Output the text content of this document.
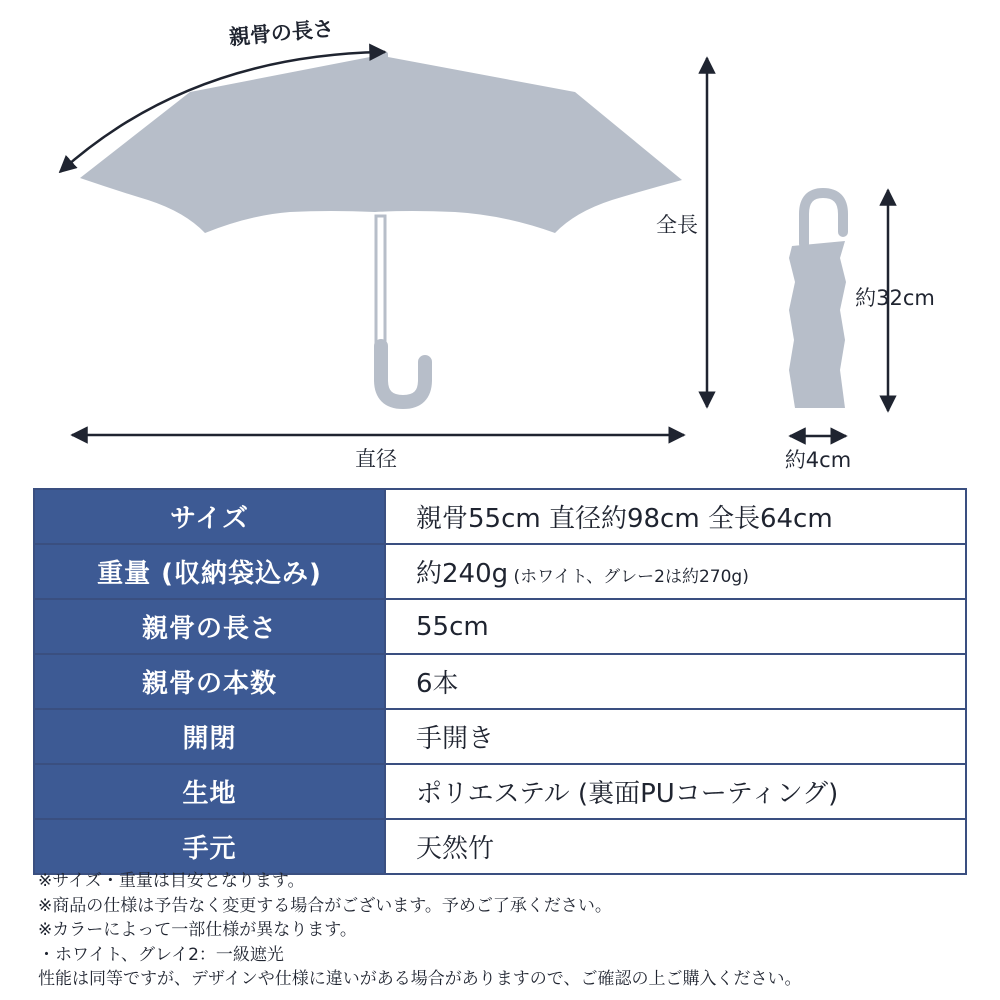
親骨の長さ
全長
直径
約32cm
約4cm
サイズ	親骨55cm 直径約98cm 全長64cm
重量 (収納袋込み)	約240g (ホワイト、グレー2は約270g)
親骨の長さ	55cm
親骨の本数	6本
開閉	手開き
生地	ポリエステル (裏面PUコーティング)
手元	天然竹
※サイズ・重量は目安となります。
※商品の仕様は予告なく変更する場合がございます。予めご了承ください。
※カラーによって一部仕様が異なります。
・ホワイト、グレイ2：一級遮光
性能は同等ですが、デザインや仕様に違いがある場合がありますので、ご確認の上ご購入ください。
